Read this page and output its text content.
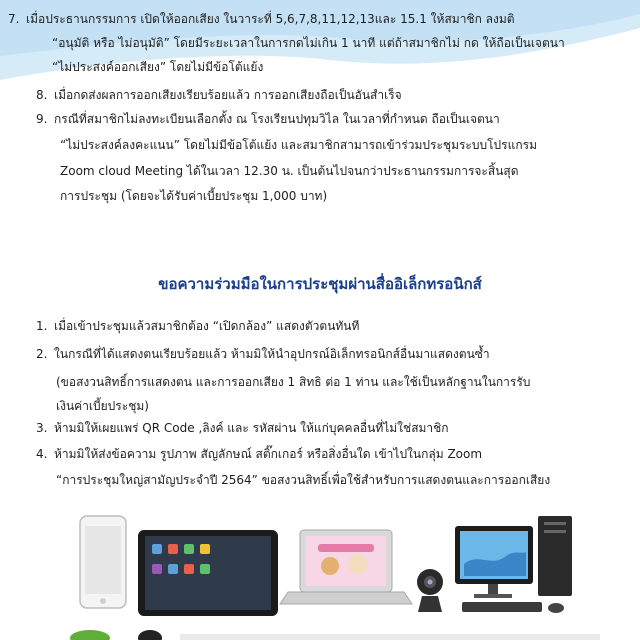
7. เมื่อประธานกรรมการ เปิดให้ออกเสียง ในวาระที่ 5,6,7,8,11,12,13และ 15.1 ให้สมาชิก ลงมติ
“อนุมัติ หรือ ไม่อนุมัติ” โดยมีระยะเวลาในการกดไม่เกิน 1 นาที แต่ถ้าสมาชิกไม่ กด ให้ถือเป็นเจตนา
“ไม่ประสงค์ออกเสียง” โดยไม่มีข้อโต้แย้ง
8. เมื่อกดส่งผลการออกเสียงเรียบร้อยแล้ว การออกเสียงถือเป็นอันสำเร็จ
9. กรณีที่สมาชิกไม่ลงทะเบียนเลือกตั้ง ณ โรงเรียนปทุมวิไล ในเวลาที่กำหนด ถือเป็นเจตนา
“ไม่ประสงค์ลงคะแนน” โดยไม่มีข้อโต้แย้ง และสมาชิกสามารถเข้าร่วมประชุมระบบโปรแกรม
Zoom cloud Meeting ได้ในเวลา 12.30 น. เป็นต้นไปจนกว่าประธานกรรมการจะสิ้นสุด
การประชุม (โดยจะได้รับค่าเบี้ยประชุม 1,000 บาท)
ขอความร่วมมือในการประชุมผ่านสื่ออิเล็กทรอนิกส์
1. เมื่อเข้าประชุมแล้วสมาชิกต้อง “เปิดกล้อง” แสดงตัวตนทันที
2. ในกรณีที่ได้แสดงตนเรียบร้อยแล้ว ห้ามมิให้นำอุปกรณ์อิเล็กทรอนิกส์อื่นมาแสดงตนซ้ำ
(ขอสงวนสิทธิ์การแสดงตน และการออกเสียง 1 สิทธิ ต่อ 1 ท่าน และใช้เป็นหลักฐานในการรับ
เงินค่าเบี้ยประชุม)
3. ห้ามมิให้เผยแพร่ QR Code ,ลิงค์ และ รหัสผ่าน ให้แก่บุคคลอื่นที่ไม่ใช่สมาชิก
4. ห้ามมิให้ส่งข้อความ รูปภาพ สัญลักษณ์ สติ๊กเกอร์ หรือสิ่งอื่นใด เข้าไปในกลุ่ม Zoom
“การประชุมใหญ่สามัญประจำปี 2564” ขอสงวนสิทธิ์เพื่อใช้สำหรับการแสดงตนและการออกเสียง
